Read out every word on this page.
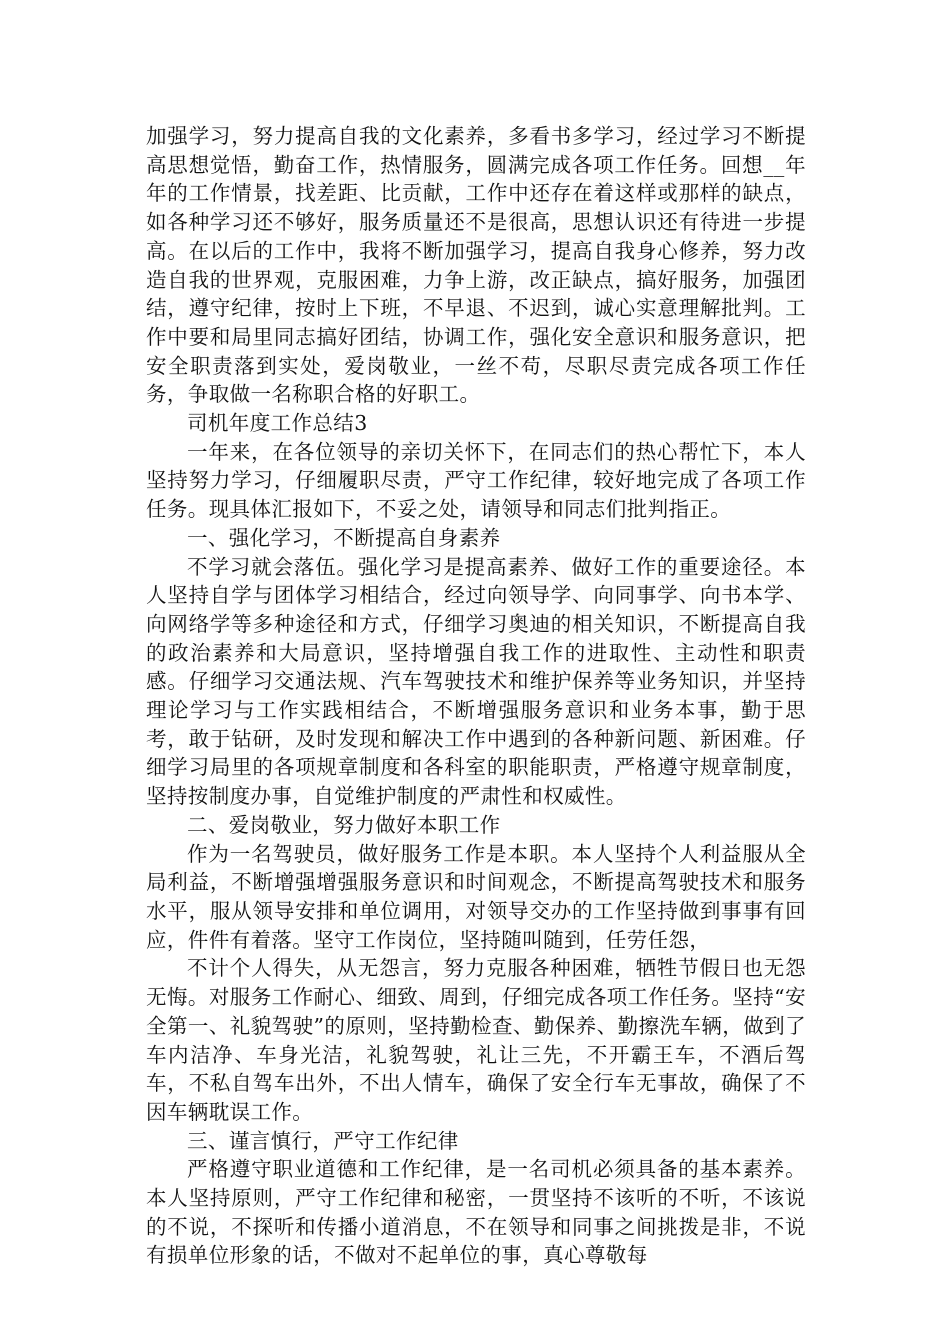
加强学习，努力提高自我的文化素养，多看书多学习，经过学习不断提高思想觉悟，勤奋工作，热情服务，圆满完成各项工作任务。回想__年年的工作情景，找差距、比贡献，工作中还存在着这样或那样的缺点，如各种学习还不够好，服务质量还不是很高，思想认识还有待进一步提高。在以后的工作中，我将不断加强学习，提高自我身心修养，努力改造自我的世界观，克服困难，力争上游，改正缺点，搞好服务，加强团结，遵守纪律，按时上下班，不早退、不迟到，诚心实意理解批判。工作中要和局里同志搞好团结，协调工作，强化安全意识和服务意识，把安全职责落到实处，爱岗敬业，一丝不苟，尽职尽责完成各项工作任务，争取做一名称职合格的好职工。

司机年度工作总结3

一年来，在各位领导的亲切关怀下，在同志们的热心帮忙下，本人坚持努力学习，仔细履职尽责，严守工作纪律，较好地完成了各项工作任务。现具体汇报如下，不妥之处，请领导和同志们批判指正。

一、强化学习，不断提高自身素养

不学习就会落伍。强化学习是提高素养、做好工作的重要途径。本人坚持自学与团体学习相结合，经过向领导学、向同事学、向书本学、向网络学等多种途径和方式，仔细学习奥迪的相关知识，不断提高自我的政治素养和大局意识，坚持增强自我工作的进取性、主动性和职责感。仔细学习交通法规、汽车驾驶技术和维护保养等业务知识，并坚持理论学习与工作实践相结合，不断增强服务意识和业务本事，勤于思考，敢于钻研，及时发现和解决工作中遇到的各种新问题、新困难。仔细学习局里的各项规章制度和各科室的职能职责，严格遵守规章制度，坚持按制度办事，自觉维护制度的严肃性和权威性。

二、爱岗敬业，努力做好本职工作

作为一名驾驶员，做好服务工作是本职。本人坚持个人利益服从全局利益，不断增强增强服务意识和时间观念，不断提高驾驶技术和服务水平，服从领导安排和单位调用，对领导交办的工作坚持做到事事有回应，件件有着落。坚守工作岗位，坚持随叫随到，任劳任怨，

不计个人得失，从无怨言，努力克服各种困难，牺牲节假日也无怨无悔。对服务工作耐心、细致、周到，仔细完成各项工作任务。坚持“安全第一、礼貌驾驶”的原则，坚持勤检查、勤保养、勤擦洗车辆，做到了车内洁净、车身光洁，礼貌驾驶，礼让三先，不开霸王车，不酒后驾车，不私自驾车出外，不出人情车，确保了安全行车无事故，确保了不因车辆耽误工作。

三、谨言慎行，严守工作纪律

严格遵守职业道德和工作纪律，是一名司机必须具备的基本素养。本人坚持原则，严守工作纪律和秘密，一贯坚持不该听的不听，不该说的不说，不探听和传播小道消息，不在领导和同事之间挑拨是非，不说有损单位形象的话，不做对不起单位的事，真心尊敬每
